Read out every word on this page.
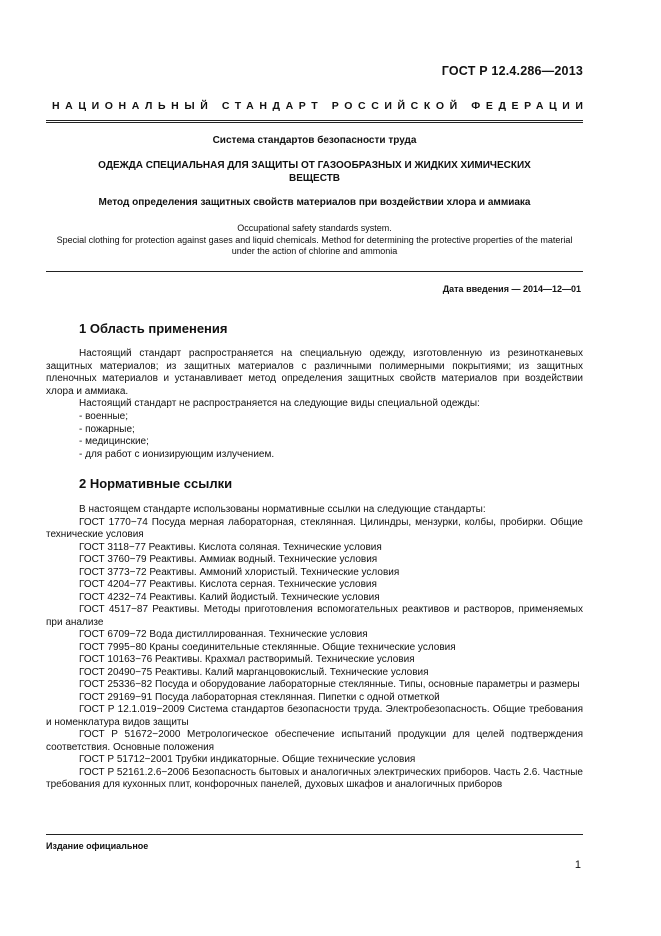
ГОСТ Р 12.4.286—2013
НАЦИОНАЛЬНЫЙ СТАНДАРТ РОССИЙСКОЙ ФЕДЕРАЦИИ
Система стандартов безопасности труда
ОДЕЖДА СПЕЦИАЛЬНАЯ ДЛЯ ЗАЩИТЫ ОТ ГАЗООБРАЗНЫХ И ЖИДКИХ ХИМИЧЕСКИХ ВЕЩЕСТВ
Метод определения защитных свойств материалов при воздействии хлора и аммиака
Occupational safety standards system.
Special clothing for protection against gases and liquid chemicals. Method for determining the protective properties of the material under the action of chlorine and ammonia
Дата введения — 2014—12—01
1 Область применения

Настоящий стандарт распространяется на специальную одежду, изготовленную из резинотканевых защитных материалов; из защитных материалов с различными полимерными покрытиями; из защитных пленочных материалов и устанавливает метод определения защитных свойств материалов при воздействии хлора и аммиака.

Настоящий стандарт не распространяется на следующие виды специальной одежды:

- военные;
- пожарные;
- медицинские;
- для работ с ионизирующим излучением.
2 Нормативные ссылки

В настоящем стандарте использованы нормативные ссылки на следующие стандарты:

ГОСТ 1770−74 Посуда мерная лабораторная, стеклянная. Цилиндры, мензурки, колбы, пробирки. Общие технические условия

ГОСТ 3118−77 Реактивы. Кислота соляная. Технические условия

ГОСТ 3760−79 Реактивы. Аммиак водный. Технические условия

ГОСТ 3773−72 Реактивы. Аммоний хлористый. Технические условия

ГОСТ 4204−77 Реактивы. Кислота серная. Технические условия

ГОСТ 4232−74 Реактивы. Калий йодистый. Технические условия

ГОСТ 4517−87 Реактивы. Методы приготовления вспомогательных реактивов и растворов, применяемых при анализе

ГОСТ 6709−72 Вода дистиллированная. Технические условия

ГОСТ 7995−80 Краны соединительные стеклянные. Общие технические условия

ГОСТ 10163−76 Реактивы. Крахмал растворимый. Технические условия

ГОСТ 20490−75 Реактивы. Калий марганцовокислый. Технические условия

ГОСТ 25336−82 Посуда и оборудование лабораторные стеклянные. Типы, основные параметры и размеры

ГОСТ 29169−91 Посуда лабораторная стеклянная. Пипетки с одной отметкой

ГОСТ Р 12.1.019−2009 Система стандартов безопасности труда. Электробезопасность. Общие требования и номенклатура видов защиты

ГОСТ Р 51672−2000 Метрологическое обеспечение испытаний продукции для целей подтверждения соответствия. Основные положения

ГОСТ Р 51712−2001 Трубки индикаторные. Общие технические условия

ГОСТ Р 52161.2.6−2006 Безопасность бытовых и аналогичных электрических приборов. Часть 2.6. Частные требования для кухонных плит, конфорочных панелей, духовых шкафов и аналогичных приборов

Издание официальное
1
